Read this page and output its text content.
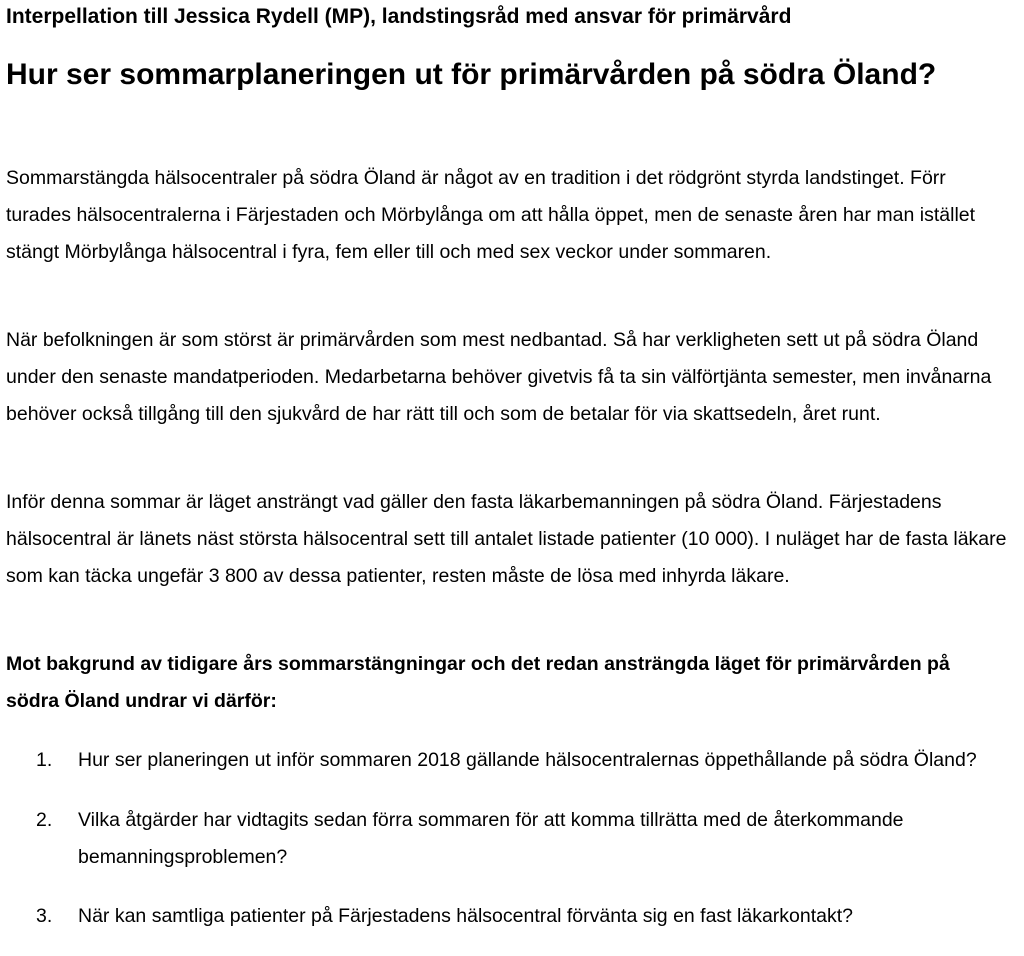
Interpellation till Jessica Rydell (MP), landstingsråd med ansvar för primärvård
Hur ser sommarplaneringen ut för primärvården på södra Öland?

Sommarstängda hälsocentraler på södra Öland är något av en tradition i det rödgrönt styrda landstinget. Förr turades hälsocentralerna i Färjestaden och Mörbylånga om att hålla öppet, men de senaste åren har man istället stängt Mörbylånga hälsocentral i fyra, fem eller till och med sex veckor under sommaren.

När befolkningen är som störst är primärvården som mest nedbantad. Så har verkligheten sett ut på södra Öland under den senaste mandatperioden. Medarbetarna behöver givetvis få ta sin välförtjänta semester, men invånarna behöver också tillgång till den sjukvård de har rätt till och som de betalar för via skattsedeln, året runt.

Inför denna sommar är läget ansträngt vad gäller den fasta läkarbemanningen på södra Öland. Färjestadens hälsocentral är länets näst största hälsocentral sett till antalet listade patienter (10 000). I nuläget har de fasta läkare som kan täcka ungefär 3 800 av dessa patienter, resten måste de lösa med inhyrda läkare.

Mot bakgrund av tidigare års sommarstängningar och det redan ansträngda läget för primärvården på södra Öland undrar vi därför:

1. Hur ser planeringen ut inför sommaren 2018 gällande hälsocentralernas öppethållande på södra Öland?
2. Vilka åtgärder har vidtagits sedan förra sommaren för att komma tillrätta med de återkommande bemanningsproblemen?
3. När kan samtliga patienter på Färjestadens hälsocentral förvänta sig en fast läkarkontakt?
